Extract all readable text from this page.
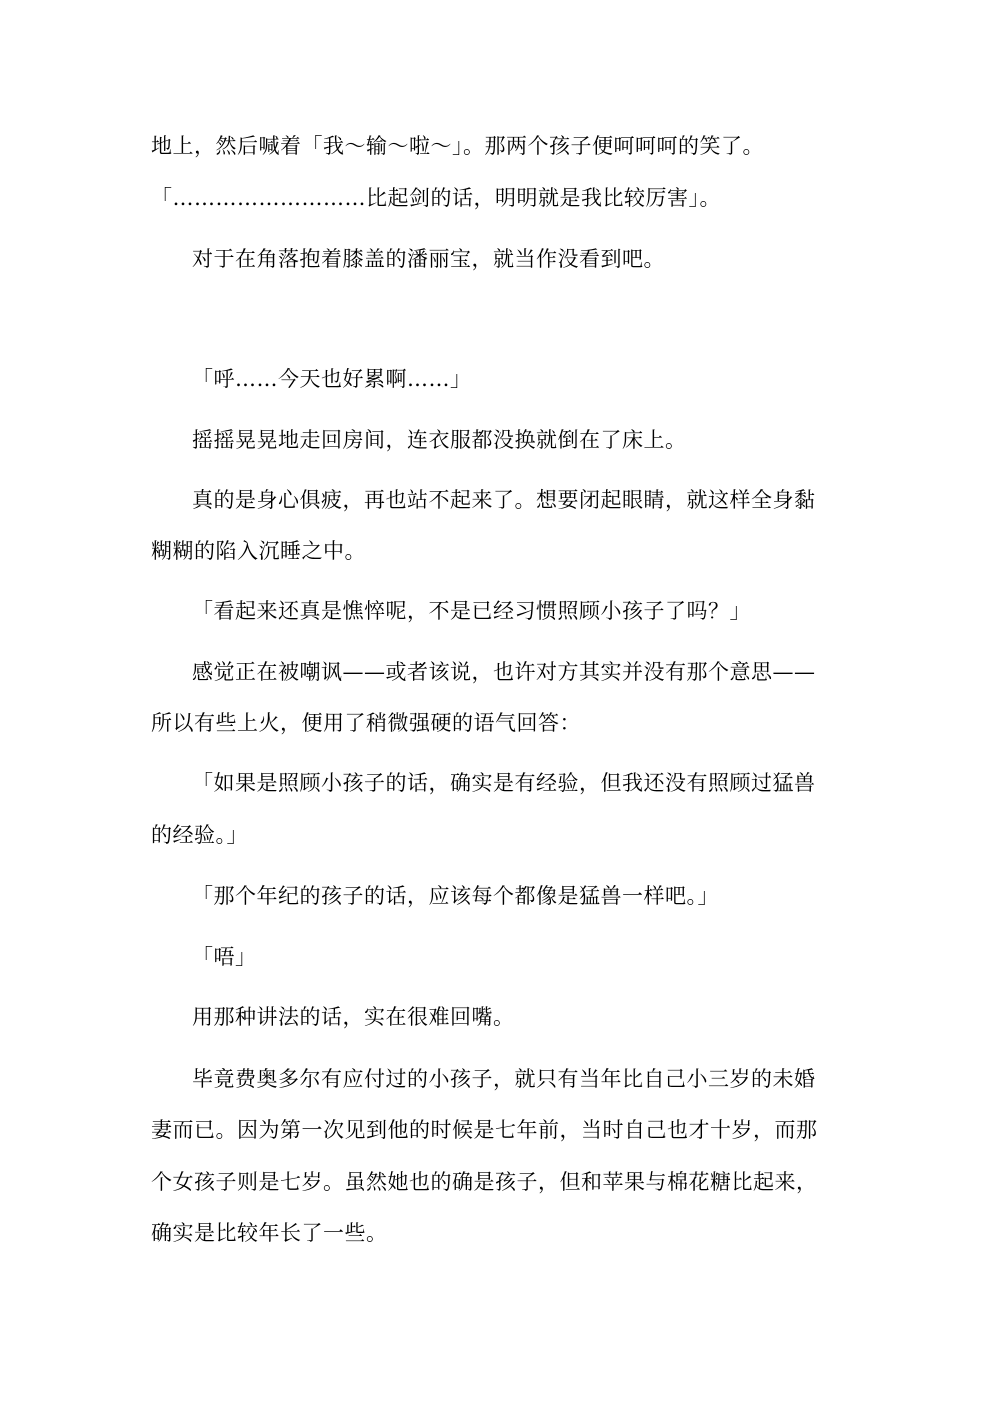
地上，然后喊着「我～输～啦～」。那两个孩子便呵呵呵的笑了。
「………………………比起剑的话，明明就是我比较厉害」。
对于在角落抱着膝盖的潘丽宝，就当作没看到吧。
「呼……今天也好累啊……」
摇摇晃晃地走回房间，连衣服都没换就倒在了床上。
真的是身心俱疲，再也站不起来了。想要闭起眼睛，就这样全身黏
糊糊的陷入沉睡之中。
「看起来还真是憔悴呢，不是已经习惯照顾小孩子了吗？」
感觉正在被嘲讽——或者该说，也许对方其实并没有那个意思——
所以有些上火，便用了稍微强硬的语气回答：
「如果是照顾小孩子的话，确实是有经验，但我还没有照顾过猛兽
的经验。」
「那个年纪的孩子的话，应该每个都像是猛兽一样吧。」
「唔」
用那种讲法的话，实在很难回嘴。
毕竟费奥多尔有应付过的小孩子，就只有当年比自己小三岁的未婚
妻而已。因为第一次见到他的时候是七年前，当时自己也才十岁，而那
个女孩子则是七岁。虽然她也的确是孩子，但和苹果与棉花糖比起来，
确实是比较年长了一些。
